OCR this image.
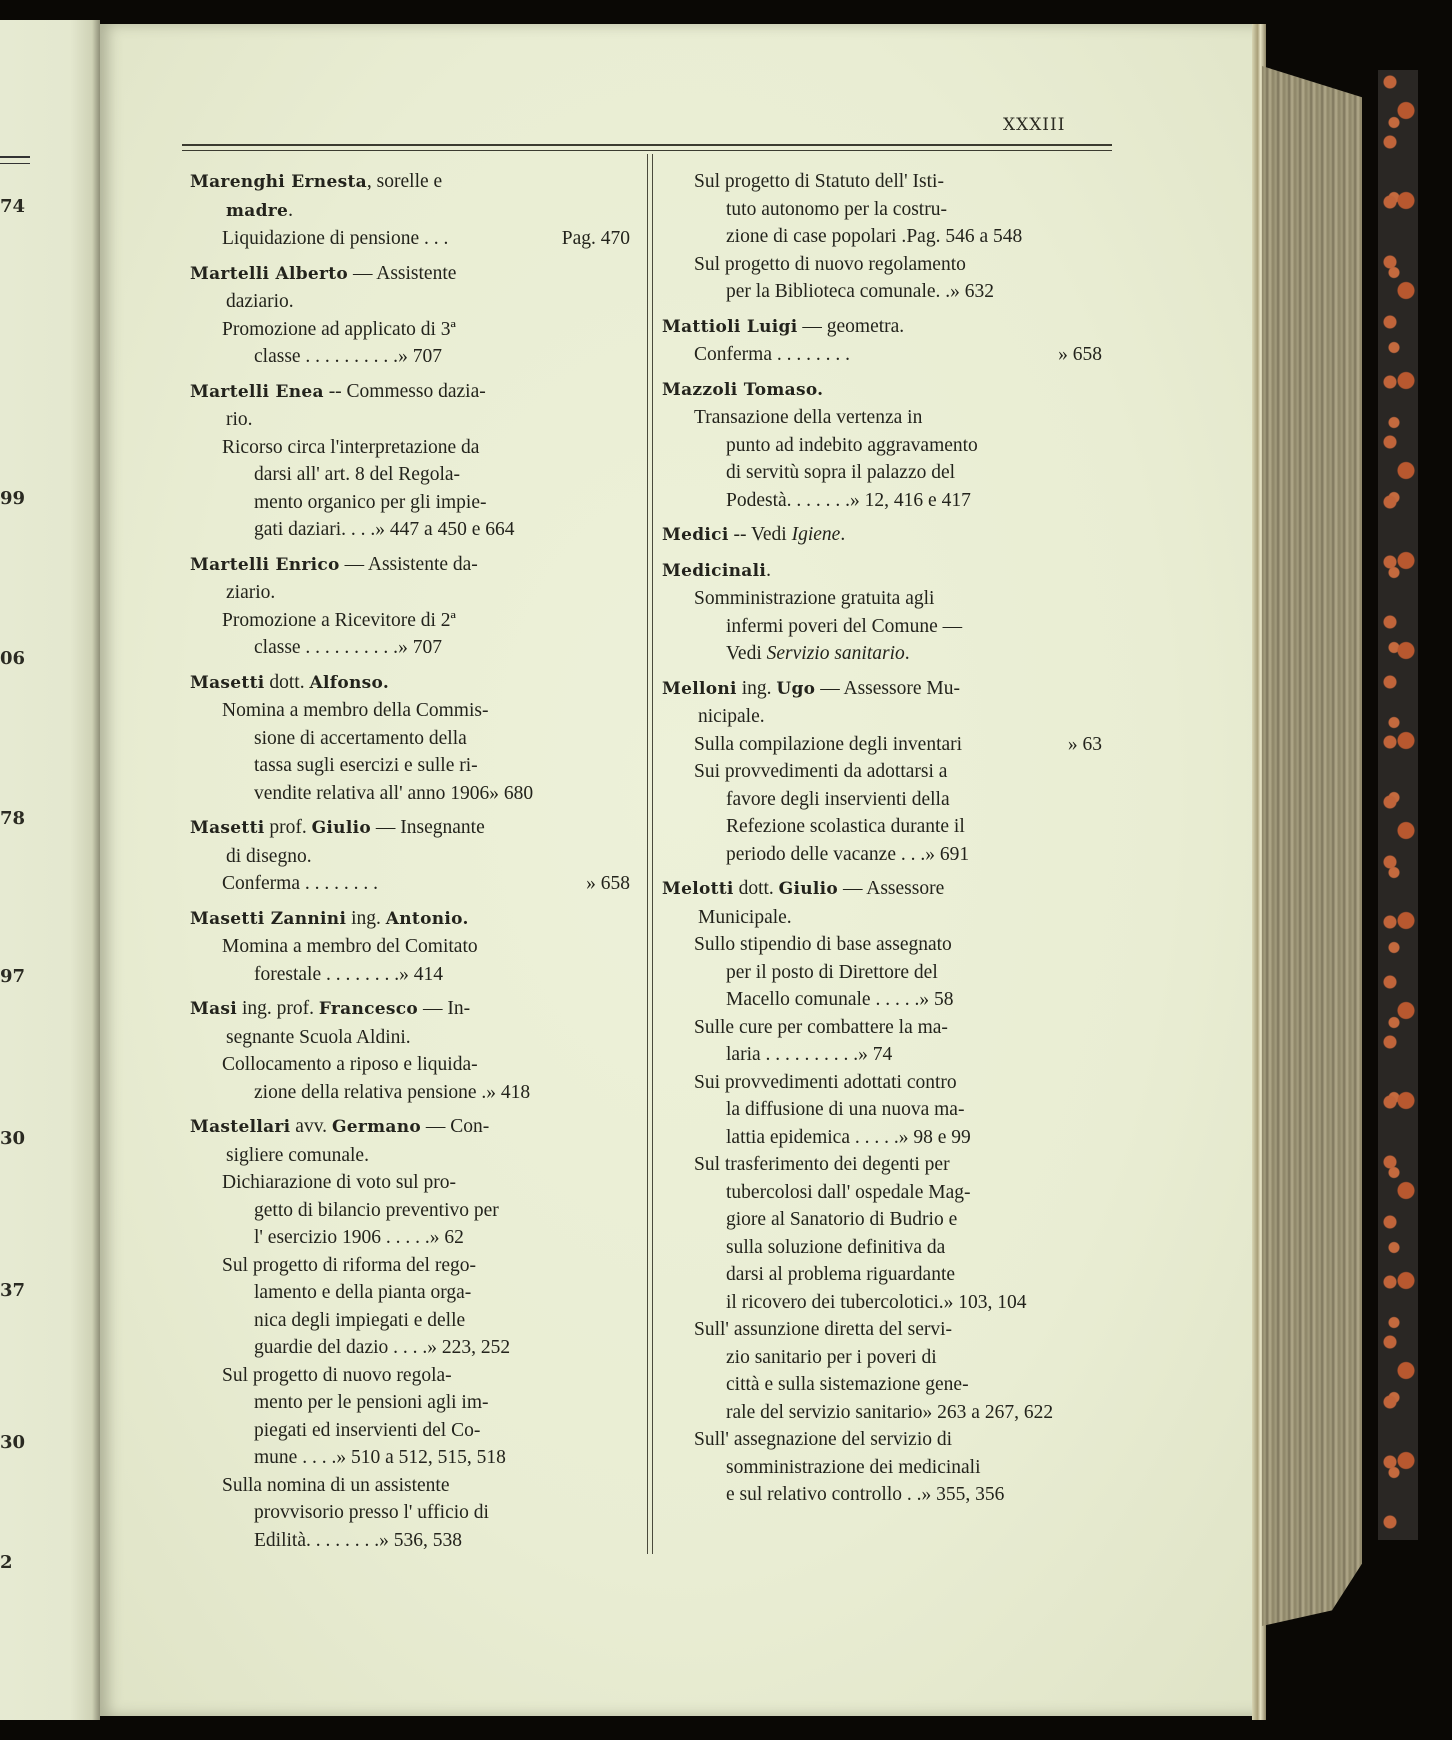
74
99
06
78
97
30
37
30
2
XXXIII
Marenghi Ernesta, sorelle e
madre.
Liquidazione di pensione . . .	Pag. 470
Martelli Alberto — Assistente
daziario.
Promozione ad applicato di 3ª
classe . . . . . . . . . .» 707
Martelli Enea -- Commesso dazia-
rio.
Ricorso circa l'interpretazione da
darsi all' art. 8 del Regola-
mento organico per gli impie-
gati daziari. . . .» 447 a 450 e 664
Martelli Enrico — Assistente da-
ziario.
Promozione a Ricevitore di 2ª
classe . . . . . . . . . .» 707
Masetti dott. Alfonso.
Nomina a membro della Commis-
sione di accertamento della
tassa sugli esercizi e sulle ri-
vendite relativa all' anno 1906» 680
Masetti prof. Giulio — Insegnante
di disegno.
Conferma . . . . . . . .	» 658
Masetti Zannini ing. Antonio.
Momina a membro del Comitato
forestale . . . . . . . .» 414
Masi ing. prof. Francesco — In-
segnante Scuola Aldini.
Collocamento a riposo e liquida-
zione della relativa pensione .» 418
Mastellari avv. Germano — Con-
sigliere comunale.
Dichiarazione di voto sul pro-
getto di bilancio preventivo per
l' esercizio 1906 . . . . .» 62
Sul progetto di riforma del rego-
lamento e della pianta orga-
nica degli impiegati e delle
guardie del dazio . . . .» 223, 252
Sul progetto di nuovo regola-
mento per le pensioni agli im-
piegati ed inservienti del Co-
mune . . . .» 510 a 512, 515, 518
Sulla nomina di un assistente
provvisorio presso l' ufficio di
Edilità. . . . . . . .» 536, 538
Sul progetto di Statuto dell' Isti-
tuto autonomo per la costru-
zione di case popolari .Pag. 546 a 548
Sul progetto di nuovo regolamento
per la Biblioteca comunale. .» 632
Mattioli Luigi — geometra.
Conferma . . . . . . . .	» 658
Mazzoli Tomaso.
Transazione della vertenza in
punto ad indebito aggravamento
di servitù sopra il palazzo del
Podestà. . . . . . .» 12, 416 e 417
Medici -- Vedi Igiene.
Medicinali.
Somministrazione gratuita agli
infermi poveri del Comune —
Vedi Servizio sanitario.
Melloni ing. Ugo — Assessore Mu-
nicipale.
Sulla compilazione degli inventari	» 63
Sui provvedimenti da adottarsi a
favore degli inservienti della
Refezione scolastica durante il
periodo delle vacanze . . .» 691
Melotti dott. Giulio — Assessore
Municipale.
Sullo stipendio di base assegnato
per il posto di Direttore del
Macello comunale . . . . .» 58
Sulle cure per combattere la ma-
laria . . . . . . . . . .» 74
Sui provvedimenti adottati contro
la diffusione di una nuova ma-
lattia epidemica . . . . .» 98 e 99
Sul trasferimento dei degenti per
tubercolosi dall' ospedale Mag-
giore al Sanatorio di Budrio e
sulla soluzione definitiva da
darsi al problema riguardante
il ricovero dei tubercolotici.» 103, 104
Sull' assunzione diretta del servi-
zio sanitario per i poveri di
città e sulla sistemazione gene-
rale del servizio sanitario» 263 a 267, 622
Sull' assegnazione del servizio di
somministrazione dei medicinali
e sul relativo controllo . .» 355, 356
